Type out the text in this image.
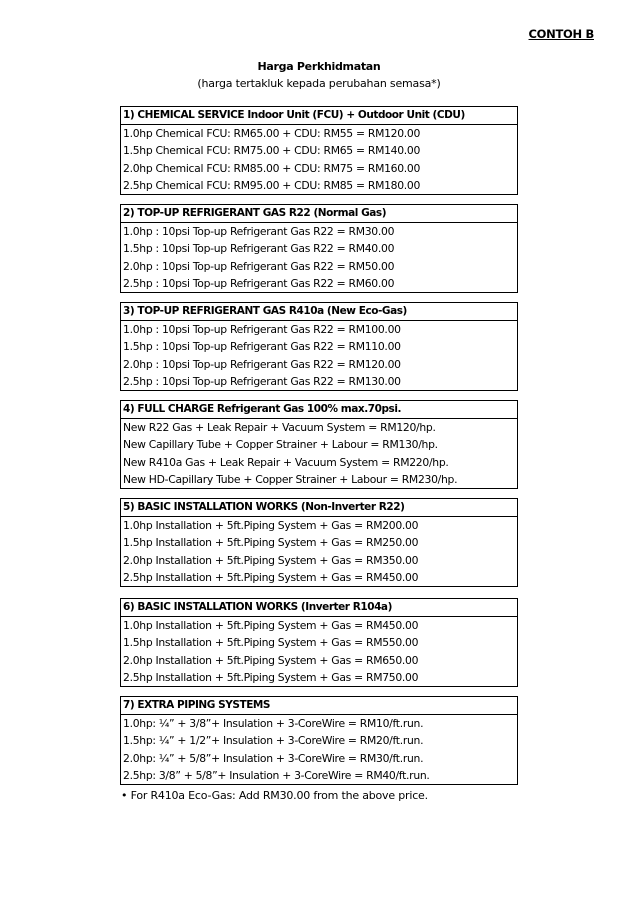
CONTOH B
Harga Perkhidmatan
(harga tertakluk kepada perubahan semasa*)
1) CHEMICAL SERVICE Indoor Unit (FCU) + Outdoor Unit (CDU)
1.0hp Chemical FCU: RM65.00 + CDU: RM55 = RM120.00
1.5hp Chemical FCU: RM75.00 + CDU: RM65 = RM140.00
2.0hp Chemical FCU: RM85.00 + CDU: RM75 = RM160.00
2.5hp Chemical FCU: RM95.00 + CDU: RM85 = RM180.00
2) TOP-UP REFRIGERANT GAS R22 (Normal Gas)
1.0hp : 10psi Top-up Refrigerant Gas R22 = RM30.00
1.5hp : 10psi Top-up Refrigerant Gas R22 = RM40.00
2.0hp : 10psi Top-up Refrigerant Gas R22 = RM50.00
2.5hp : 10psi Top-up Refrigerant Gas R22 = RM60.00
3) TOP-UP REFRIGERANT GAS R410a (New Eco-Gas)
1.0hp : 10psi Top-up Refrigerant Gas R22 = RM100.00
1.5hp : 10psi Top-up Refrigerant Gas R22 = RM110.00
2.0hp : 10psi Top-up Refrigerant Gas R22 = RM120.00
2.5hp : 10psi Top-up Refrigerant Gas R22 = RM130.00
4) FULL CHARGE Refrigerant Gas 100% max.70psi.
New R22 Gas + Leak Repair + Vacuum System = RM120/hp.
New Capillary Tube + Copper Strainer + Labour = RM130/hp.
New R410a Gas + Leak Repair + Vacuum System = RM220/hp.
New HD-Capillary Tube + Copper Strainer + Labour = RM230/hp.
5) BASIC INSTALLATION WORKS (Non-Inverter R22)
1.0hp Installation + 5ft.Piping System + Gas = RM200.00
1.5hp Installation + 5ft.Piping System + Gas = RM250.00
2.0hp Installation + 5ft.Piping System + Gas = RM350.00
2.5hp Installation + 5ft.Piping System + Gas = RM450.00
6) BASIC INSTALLATION WORKS (Inverter R104a)
1.0hp Installation + 5ft.Piping System + Gas = RM450.00
1.5hp Installation + 5ft.Piping System + Gas = RM550.00
2.0hp Installation + 5ft.Piping System + Gas = RM650.00
2.5hp Installation + 5ft.Piping System + Gas = RM750.00
7) EXTRA PIPING SYSTEMS
1.0hp: ¼” + 3/8”+ Insulation + 3-CoreWire = RM10/ft.run.
1.5hp: ¼” + 1/2”+ Insulation + 3-CoreWire = RM20/ft.run.
2.0hp: ¼” + 5/8”+ Insulation + 3-CoreWire = RM30/ft.run.
2.5hp: 3/8” + 5/8”+ Insulation + 3-CoreWire = RM40/ft.run.
• For R410a Eco-Gas: Add RM30.00 from the above price.
